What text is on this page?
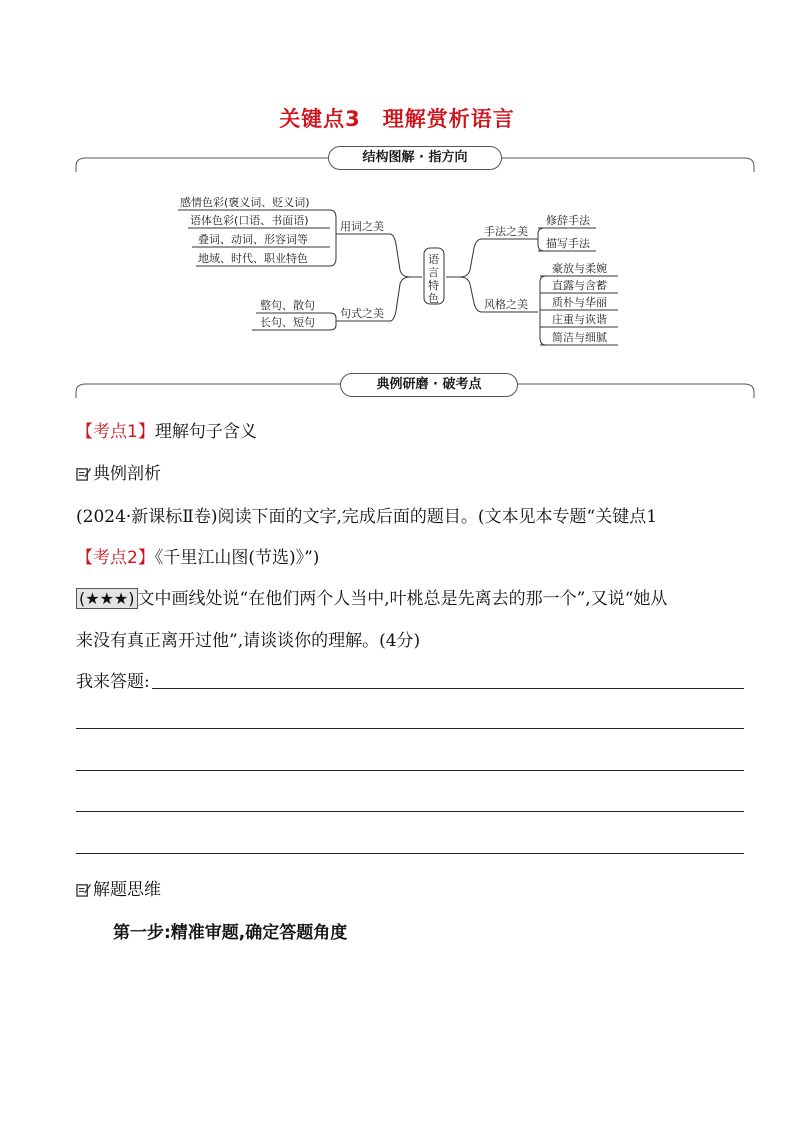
关键点3　理解赏析语言
结构图解 · 指方向
感情色彩(褒义词、贬义词)
语体色彩(口语、书面语)
叠词、动词、形容词等
地域、时代、职业特色
用词之美
整句、散句
长句、短句
句式之美
语
言
特
色
手法之美
风格之美
修辞手法
描写手法
豪放与柔婉
直露与含蓄
质朴与华丽
庄重与诙谐
简洁与细腻
典例研磨 · 破考点
【考点1】理解句子含义
典例剖析
(2024·新课标Ⅱ卷)阅读下面的文字,完成后面的题目。(文本见本专题“关键点1
【考点2】《千里江山图(节选)》”)
(★★★) 文中画线处说“在他们两个人当中,叶桃总是先离去的那一个”,又说“她从
来没有真正离开过他”,请谈谈你的理解。(4分)
我来答题:
解题思维
第一步:精准审题,确定答题角度
